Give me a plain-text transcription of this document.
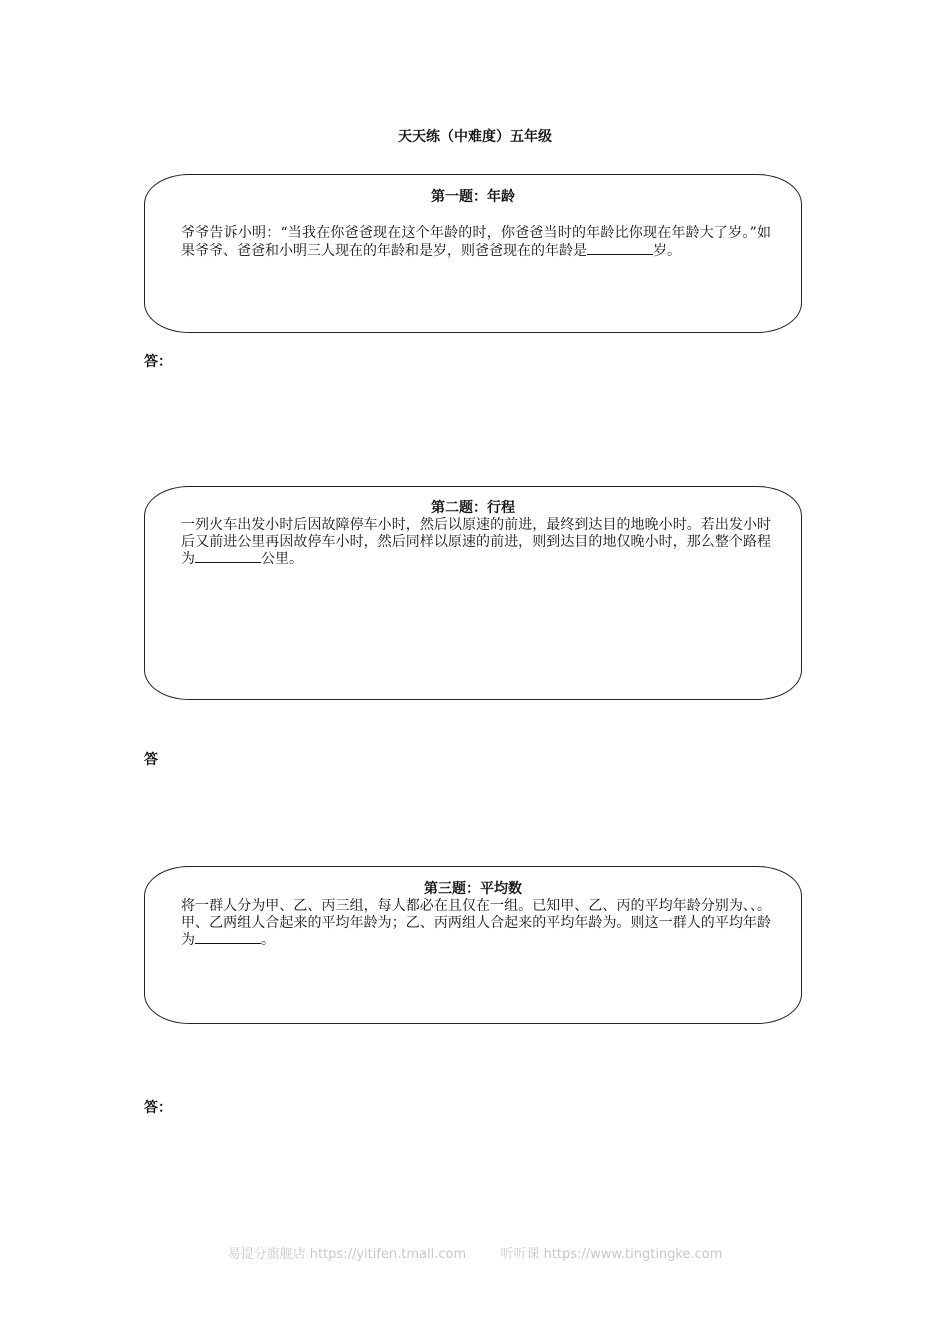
天天练（中难度）五年级
第一题：年龄
爷爷告诉小明：“当我在你爸爸现在这个年龄的时，你爸爸当时的年龄比你现在年龄大了岁。”如果爷爷、爸爸和小明三人现在的年龄和是岁，则爸爸现在的年龄是	岁。
答：
第二题：行程
一列火车出发小时后因故障停车小时，然后以原速的前进，最终到达目的地晚小时。若出发小时后又前进公里再因故停车小时，然后同样以原速的前进，则到达目的地仅晚小时，那么整个路程为	公里。
答
第三题：平均数
将一群人分为甲、乙、丙三组，每人都必在且仅在一组。已知甲、乙、丙的平均年龄分别为、、。甲、乙两组人合起来的平均年龄为；乙、丙两组人合起来的平均年龄为。则这一群人的平均年龄为	。
答：
易提分旗舰店 https://yitifen.tmall.com	听听课 https://www.tingtingke.com
